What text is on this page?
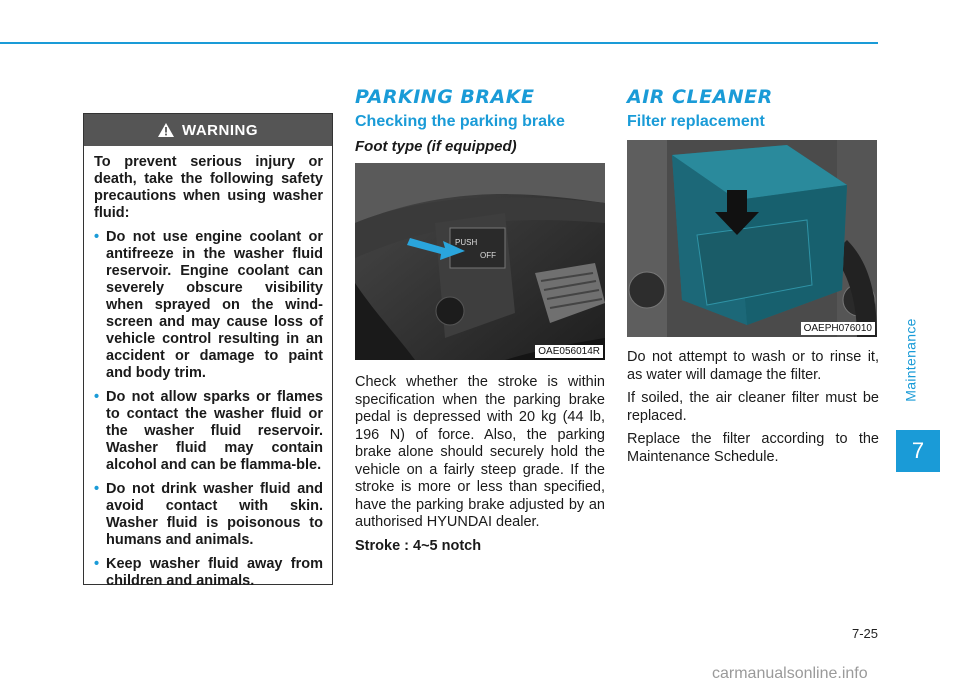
WARNING

To prevent serious injury or death, take the following safety precautions when using washer fluid:

• Do not use engine coolant or antifreeze in the washer fluid reservoir. Engine coolant can severely obscure visibility when sprayed on the wind-screen and may cause loss of vehicle control resulting in an accident or damage to paint and body trim.
• Do not allow sparks or flames to contact the washer fluid or the washer fluid reservoir. Washer fluid may contain alcohol and can be flamma-ble.
• Do not drink washer fluid and avoid contact with skin. Washer fluid is poisonous to humans and animals.
• Keep washer fluid away from children and animals.
PARKING BRAKE
Checking the parking brake
Foot type (if equipped)
PUSH
OFF
OAE056014R

Check whether the stroke is within specification when the parking brake pedal is depressed with 20 kg (44 lb, 196 N) of force. Also, the parking brake alone should securely hold the vehicle on a fairly steep grade. If the stroke is more or less than specified, have the parking brake adjusted by an authorised HYUNDAI dealer.

Stroke : 4~5 notch

AIR CLEANER
Filter replacement
OAEPH076010

Do not attempt to wash or to rinse it, as water will damage the filter.

If soiled, the air cleaner filter must be replaced.

Replace the filter according to the Maintenance Schedule.

Maintenance
7
7-25
carmanualsonline.info
